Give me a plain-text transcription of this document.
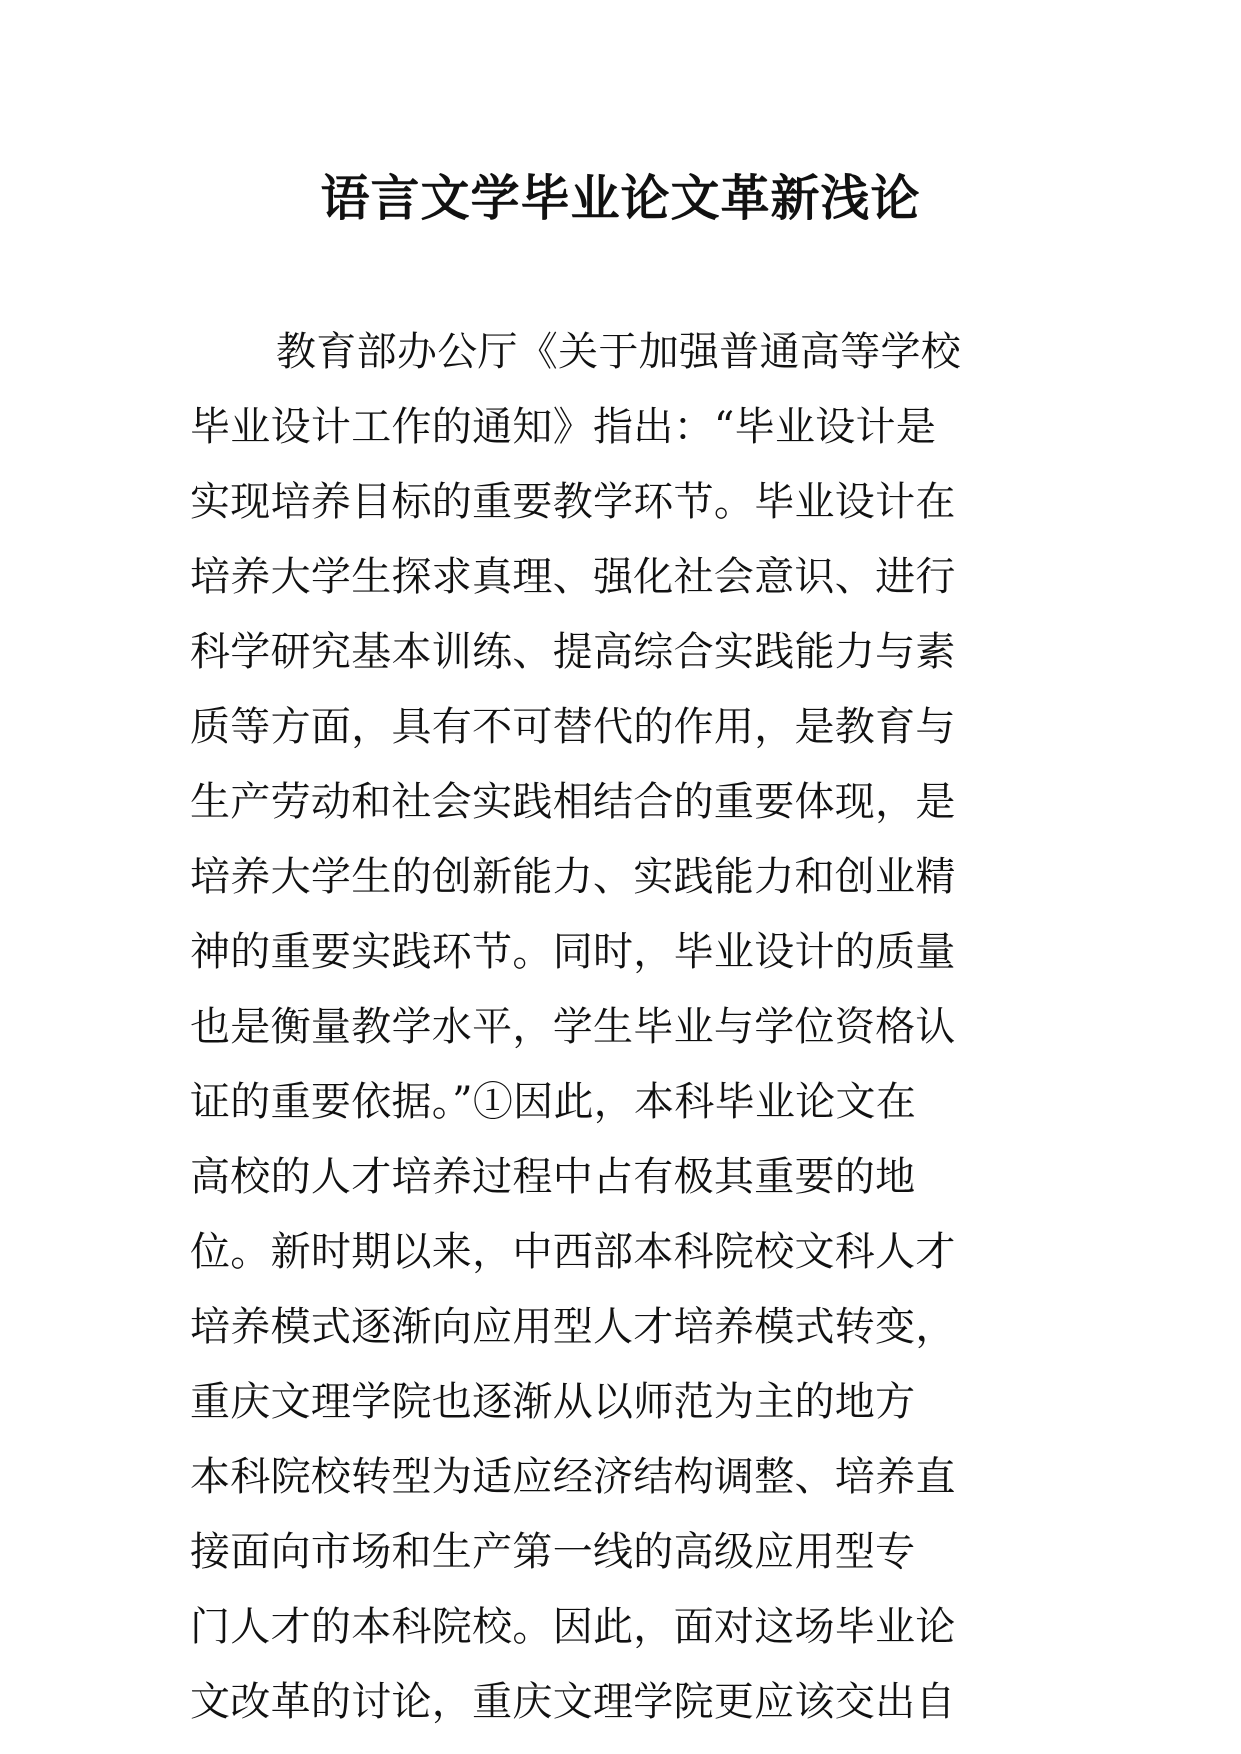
语言文学毕业论文革新浅论

教育部办公厅《关于加强普通高等学校

毕业设计工作的通知》指出：“毕业设计是

实现培养目标的重要教学环节。毕业设计在

培养大学生探求真理、强化社会意识、进行

科学研究基本训练、提高综合实践能力与素

质等方面，具有不可替代的作用，是教育与

生产劳动和社会实践相结合的重要体现，是

培养大学生的创新能力、实践能力和创业精

神的重要实践环节。同时，毕业设计的质量

也是衡量教学水平，学生毕业与学位资格认

证的重要依据。”①因此，本科毕业论文在

高校的人才培养过程中占有极其重要的地

位。新时期以来，中西部本科院校文科人才

培养模式逐渐向应用型人才培养模式转变，

重庆文理学院也逐渐从以师范为主的地方

本科院校转型为适应经济结构调整、培养直

接面向市场和生产第一线的高级应用型专

门人才的本科院校。因此，面对这场毕业论

文改革的讨论，重庆文理学院更应该交出自
